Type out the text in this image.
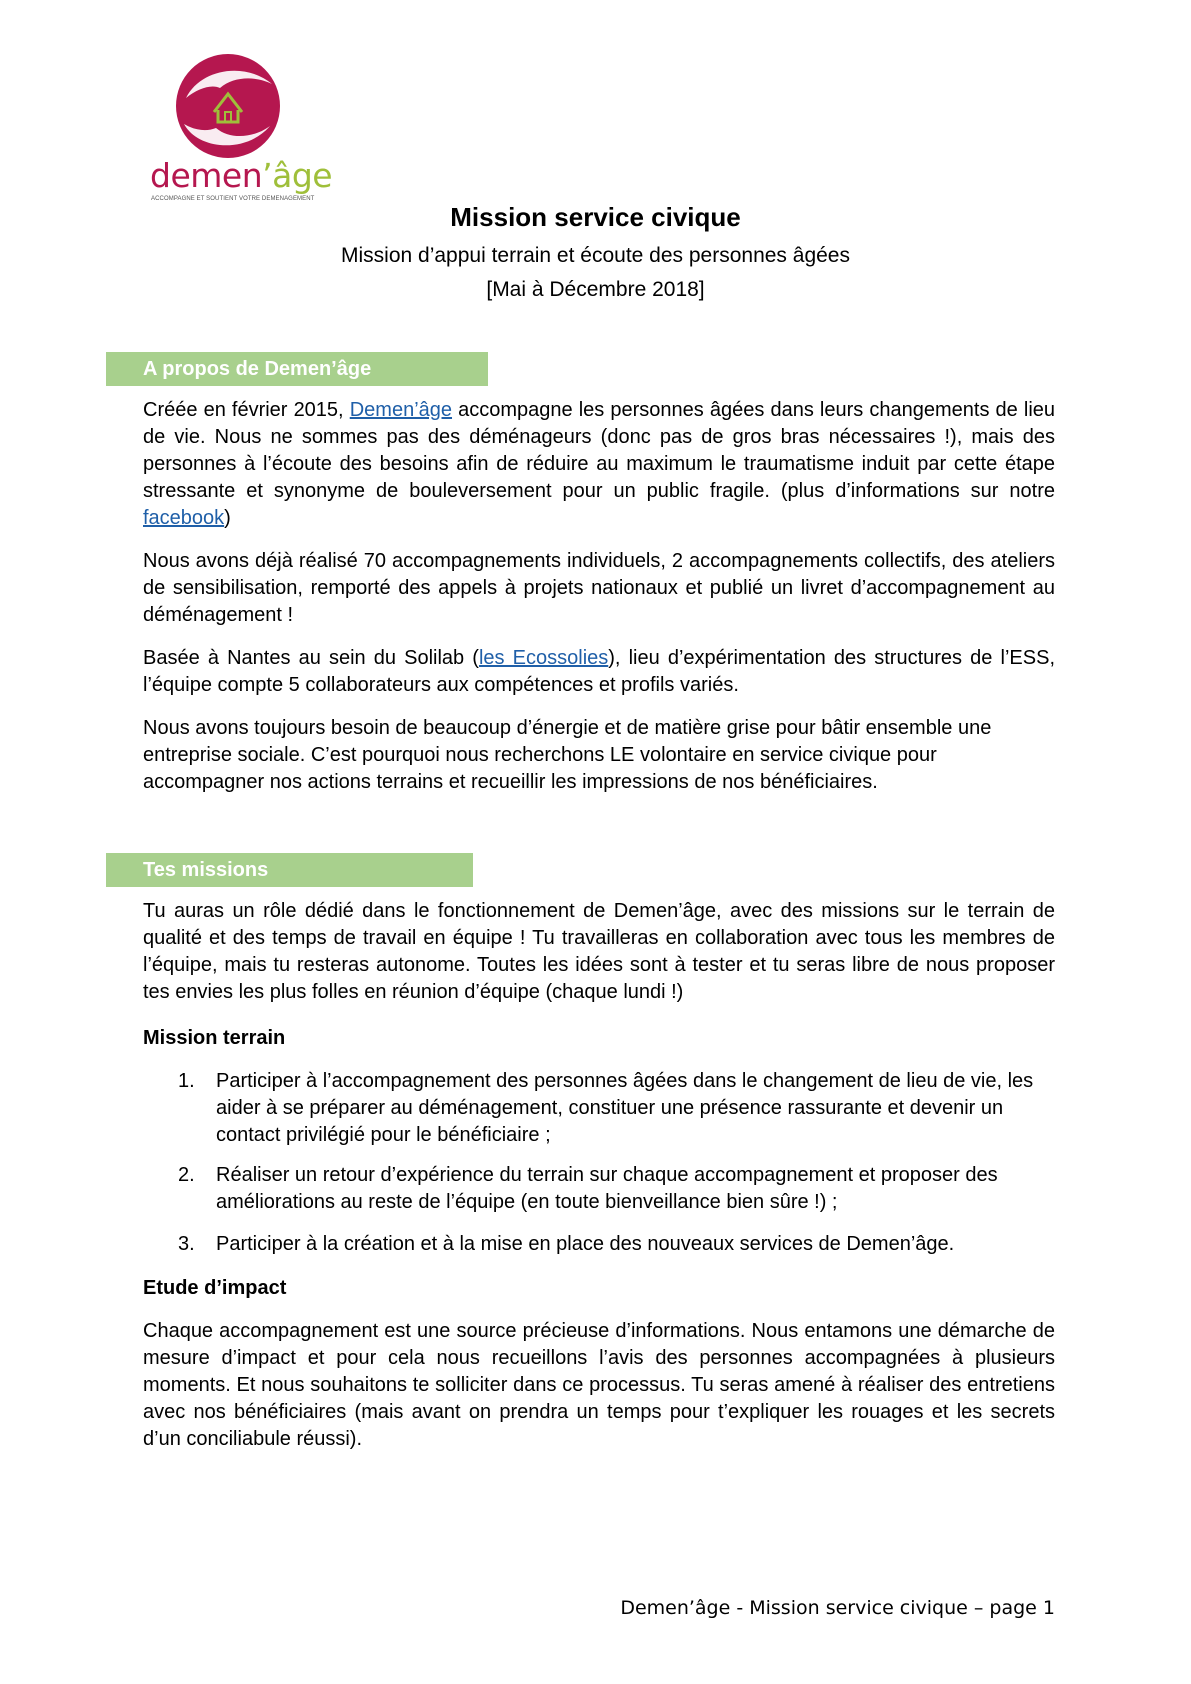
demen’âge
ACCOMPAGNE ET SOUTIENT VOTRE DEMENAGEMENT
Mission service civique

Mission d’appui terrain et écoute des personnes âgées

[Mai à Décembre 2018]

A propos de Demen’âge

Créée en février 2015, Demen’âge accompagne les personnes âgées dans leurs changements de lieu de vie. Nous ne sommes pas des déménageurs (donc pas de gros bras nécessaires !), mais des personnes à l’écoute des besoins afin de réduire au maximum le traumatisme induit par cette étape stressante et synonyme de bouleversement pour un public fragile. (plus d’informations sur notre facebook)

Nous avons déjà réalisé 70 accompagnements individuels, 2 accompagnements collectifs, des ateliers de sensibilisation, remporté des appels à projets nationaux et publié un livret d’accompagnement au déménagement !

Basée à Nantes au sein du Solilab (les Ecossolies), lieu d’expérimentation des structures de l’ESS, l’équipe compte 5 collaborateurs aux compétences et profils variés.

Nous avons toujours besoin de beaucoup d’énergie et de matière grise pour bâtir ensemble une entreprise sociale. C’est pourquoi nous recherchons LE volontaire en service civique pour accompagner nos actions terrains et recueillir les impressions de nos bénéficiaires.

Tes missions

Tu auras un rôle dédié dans le fonctionnement de Demen’âge, avec des missions sur le terrain de qualité et des temps de travail en équipe ! Tu travailleras en collaboration avec tous les membres de l’équipe, mais tu resteras autonome. Toutes les idées sont à tester et tu seras libre de nous proposer tes envies les plus folles en réunion d’équipe (chaque lundi !)

Mission terrain

1.	Participer à l’accompagnement des personnes âgées dans le changement de lieu de vie, les aider à se préparer au déménagement, constituer une présence rassurante et devenir un contact privilégié pour le bénéficiaire ;
2.	Réaliser un retour d’expérience du terrain sur chaque accompagnement et proposer des améliorations au reste de l’équipe (en toute bienveillance bien sûre !) ;
3.	Participer à la création et à la mise en place des nouveaux services de Demen’âge.

Etude d’impact

Chaque accompagnement est une source précieuse d’informations. Nous entamons une démarche de mesure d’impact et pour cela nous recueillons l’avis des personnes accompagnées à plusieurs moments. Et nous souhaitons te solliciter dans ce processus. Tu seras amené à réaliser des entretiens avec nos bénéficiaires (mais avant on prendra un temps pour t’expliquer les rouages et les secrets d’un conciliabule réussi).

Demen’âge - Mission service civique – page 1
